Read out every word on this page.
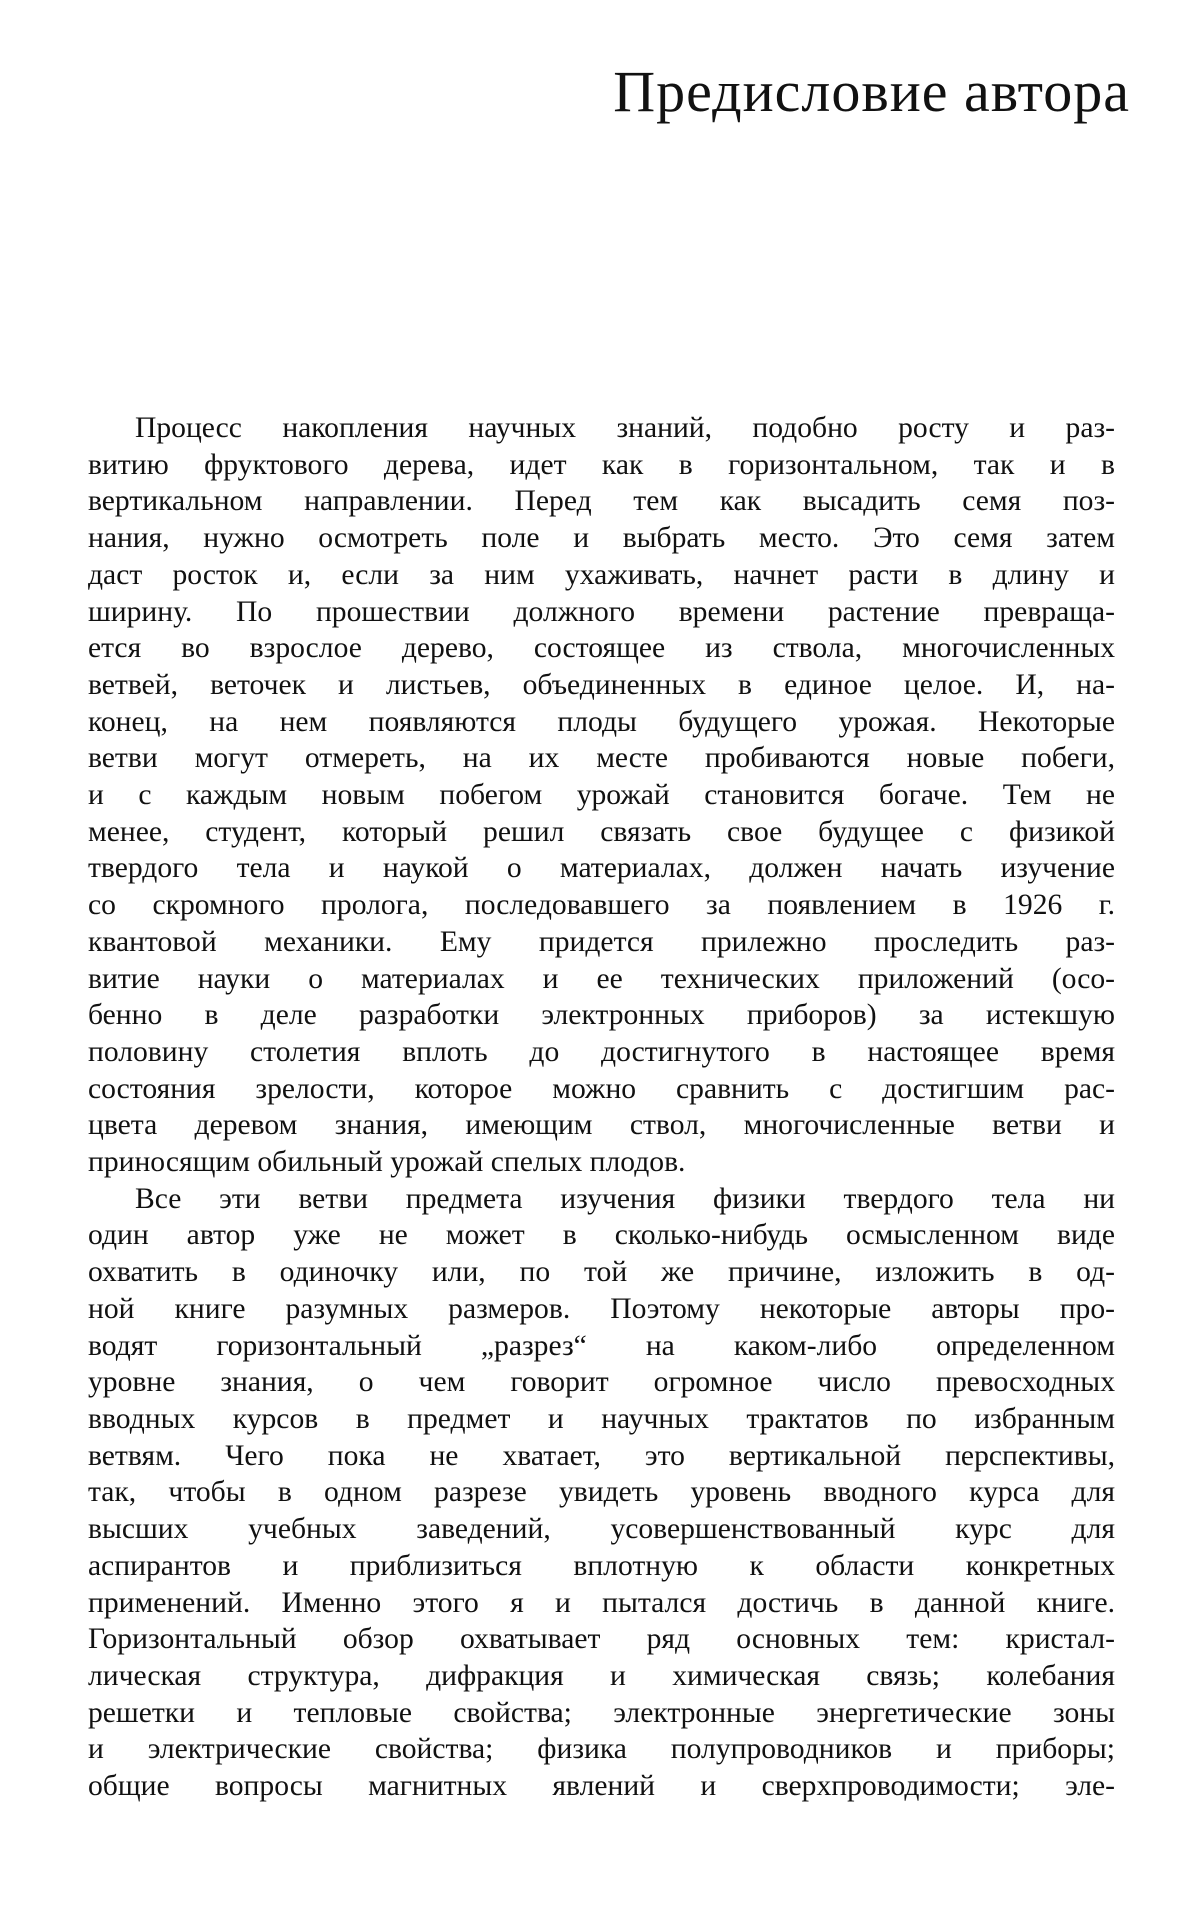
Предисловие автора

Процесс накопления научных знаний, подобно росту и раз-
витию фруктового дерева, идет как в горизонтальном, так и в
вертикальном направлении. Перед тем как высадить семя поз-
нания, нужно осмотреть поле и выбрать место. Это семя затем
даст росток и, если за ним ухаживать, начнет расти в длину и
ширину. По прошествии должного времени растение превраща-
ется во взрослое дерево, состоящее из ствола, многочисленных
ветвей, веточек и листьев, объединенных в единое целое. И, на-
конец, на нем появляются плоды будущего урожая. Некоторые
ветви могут отмереть, на их месте пробиваются новые побеги,
и с каждым новым побегом урожай становится богаче. Тем не
менее, студент, который решил связать свое будущее с физикой
твердого тела и наукой о материалах, должен начать изучение
со скромного пролога, последовавшего за появлением в 1926 г.
квантовой механики. Ему придется прилежно проследить раз-
витие науки о материалах и ее технических приложений (осо-
бенно в деле разработки электронных приборов) за истекшую
половину столетия вплоть до достигнутого в настоящее время
состояния зрелости, которое можно сравнить с достигшим рас-
цвета деревом знания, имеющим ствол, многочисленные ветви и
приносящим обильный урожай спелых плодов.

Все эти ветви предмета изучения физики твердого тела ни
один автор уже не может в сколько-нибудь осмысленном виде
охватить в одиночку или, по той же причине, изложить в од-
ной книге разумных размеров. Поэтому некоторые авторы про-
водят горизонтальный „разрез“ на каком-либо определенном
уровне знания, о чем говорит огромное число превосходных
вводных курсов в предмет и научных трактатов по избранным
ветвям. Чего пока не хватает, это вертикальной перспективы,
так, чтобы в одном разрезе увидеть уровень вводного курса для
высших учебных заведений, усовершенствованный курс для
аспирантов и приблизиться вплотную к области конкретных
применений. Именно этого я и пытался достичь в данной книге.
Горизонтальный обзор охватывает ряд основных тем: кристал-
лическая структура, дифракция и химическая связь; колебания
решетки и тепловые свойства; электронные энергетические зоны
и электрические свойства; физика полупроводников и приборы;
общие вопросы магнитных явлений и сверхпроводимости; эле-
